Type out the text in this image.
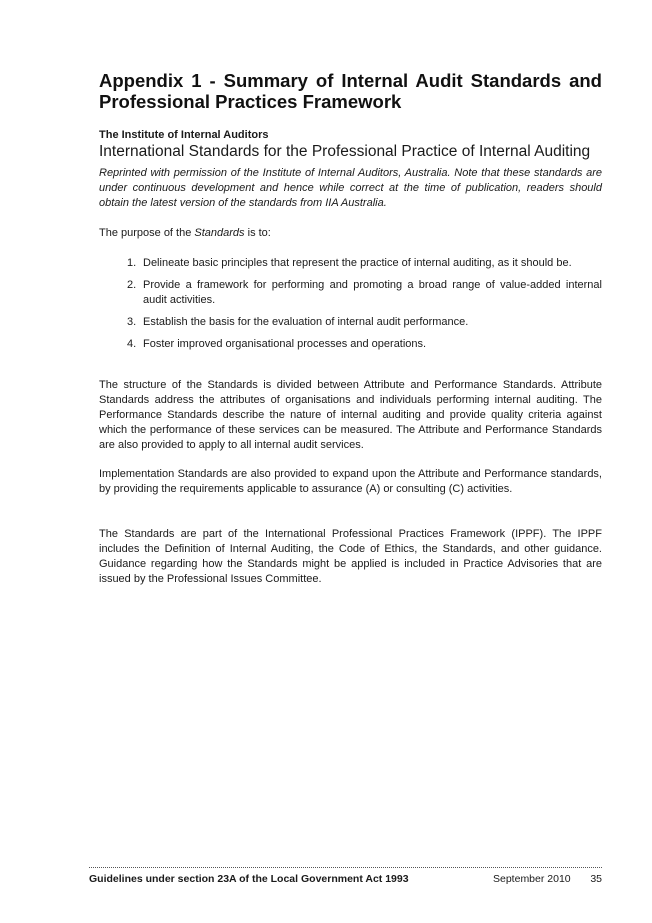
Appendix 1 - Summary of Internal Audit Standards and Professional Practices Framework
The Institute of Internal Auditors
International Standards for the Professional Practice of Internal Auditing

Reprinted with permission of the Institute of Internal Auditors, Australia. Note that these standards are under continuous development and hence while correct at the time of publication, readers should obtain the latest version of the standards from IIA Australia.

The purpose of the Standards is to:

1. Delineate basic principles that represent the practice of internal auditing, as it should be.
2. Provide a framework for performing and promoting a broad range of value-added internal audit activities.
3. Establish the basis for the evaluation of internal audit performance.
4. Foster improved organisational processes and operations.

The structure of the Standards is divided between Attribute and Performance Standards. Attribute Standards address the attributes of organisations and individuals performing internal auditing. The Performance Standards describe the nature of internal auditing and provide quality criteria against which the performance of these services can be measured. The Attribute and Performance Standards are also provided to apply to all internal audit services.

Implementation Standards are also provided to expand upon the Attribute and Performance standards, by providing the requirements applicable to assurance (A) or consulting (C) activities.

The Standards are part of the International Professional Practices Framework (IPPF). The IPPF includes the Definition of Internal Auditing, the Code of Ethics, the Standards, and other guidance. Guidance regarding how the Standards might be applied is included in Practice Advisories that are issued by the Professional Issues Committee.

Guidelines under section 23A of the Local Government Act 1993	September 2010 35
